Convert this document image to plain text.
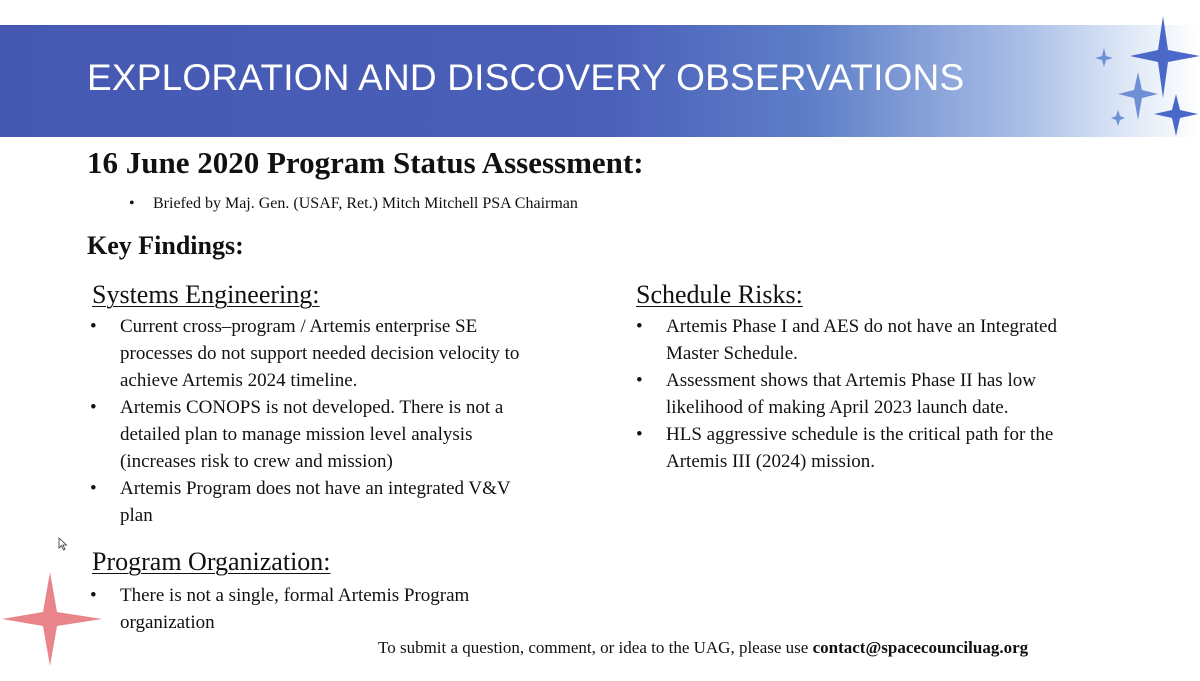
EXPLORATION AND DISCOVERY OBSERVATIONS
16 June 2020 Program Status Assessment:
• Briefed by Maj. Gen. (USAF, Ret.) Mitch Mitchell PSA Chairman
Key Findings:
Systems Engineering:
• Current cross–program / Artemis enterprise SE
processes do not support needed decision velocity to
achieve Artemis 2024 timeline.
• Artemis CONOPS is not developed. There is not a
detailed plan to manage mission level analysis
(increases risk to crew and mission)
• Artemis Program does not have an integrated V&V
plan
Schedule Risks:
• Artemis Phase I and AES do not have an Integrated
Master Schedule.
• Assessment shows that Artemis Phase II has low
likelihood of making April 2023 launch date.
• HLS aggressive schedule is the critical path for the
Artemis III (2024) mission.
Program Organization:
• There is not a single, formal Artemis Program
organization
To submit a question, comment, or idea to the UAG, please use contact@spacecounciluag.org
